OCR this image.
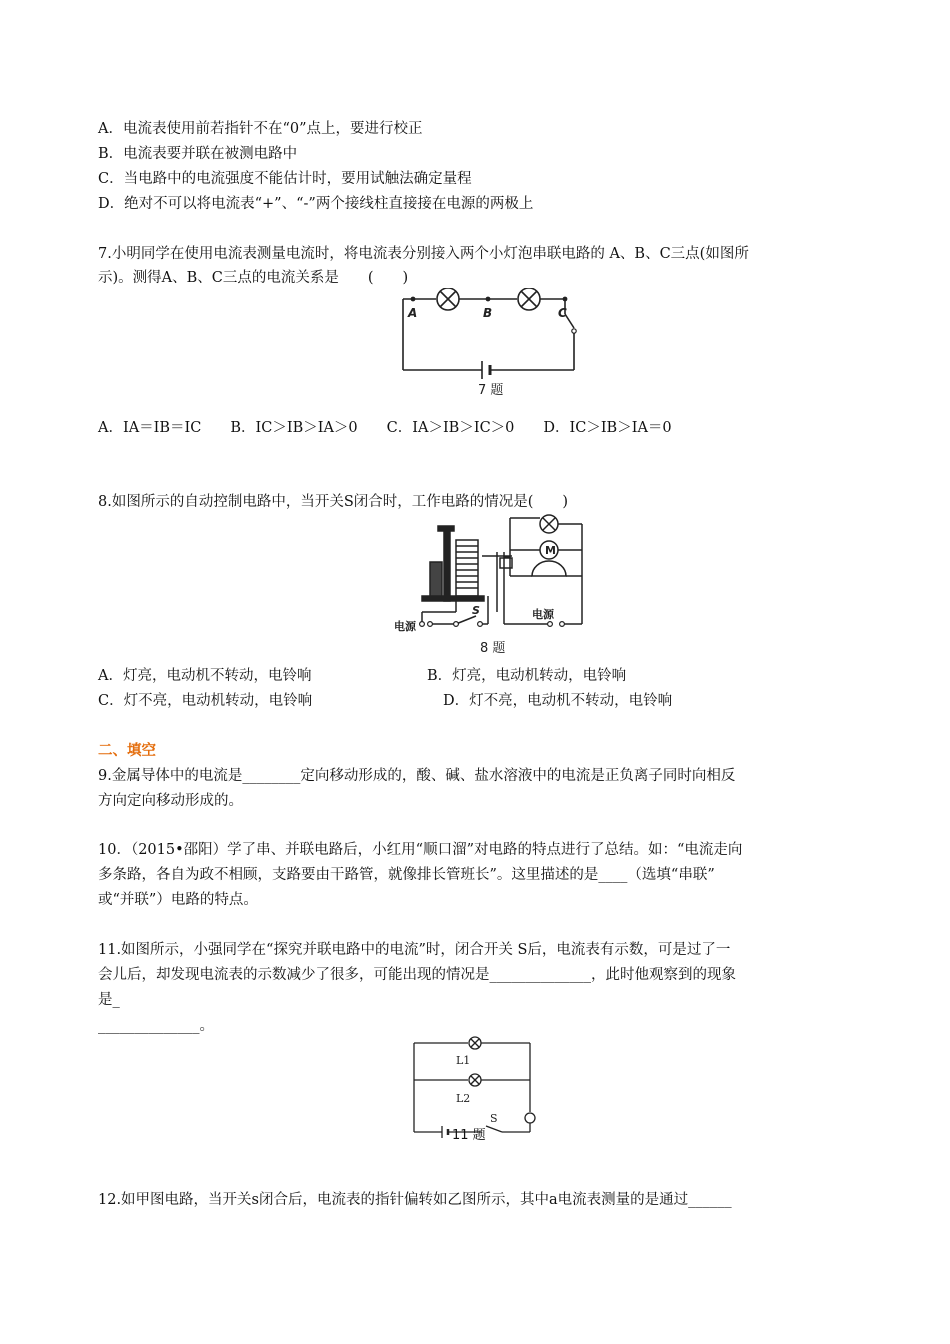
A．电流表使用前若指针不在“0”点上，要进行校正
B．电流表要并联在被测电路中
C．当电路中的电流强度不能估计时，要用试触法确定量程
D．绝对不可以将电流表“+”、“-”两个接线柱直接接在电源的两极上
7.小明同学在使用电流表测量电流时，将电流表分别接入两个小灯泡串联电路的 A、B、C三点(如图所
示)。测得A、B、C三点的电流关系是　　(　　)
A	B	C
7 题
A．IA＝IB＝IC　　B．IC＞IB＞IA＞0　　C．IA＞IB＞IC＞0　　D．IC＞IB＞IA＝0
8.如图所示的自动控制电路中，当开关S闭合时，工作电路的情况是(　　)
M
电源
S	电源
8 题
A．灯亮，电动机不转动，电铃响	B．灯亮，电动机转动，电铃响
C．灯不亮，电动机转动，电铃响	D．灯不亮，电动机不转动，电铃响
二、填空
9.金属导体中的电流是________定向移动形成的，酸、碱、盐水溶液中的电流是正负离子同时向相反
方向定向移动形成的。
10．（2015•邵阳）学了串、并联电路后，小红用“顺口溜”对电路的特点进行了总结。如：“电流走向
多条路，各自为政不相顾，支路要由干路管，就像排长管班长”。这里描述的是____（选填“串联”
或“并联”）电路的特点。
11.如图所示，小强同学在“探究并联电路中的电流”时，闭合开关 S后，电流表有示数，可是过了一
会儿后，却发现电流表的示数减少了很多，可能出现的情况是______________，此时他观察到的现象
是_
______________。
L1
L2
S
11 题
12.如甲图电路，当开关s闭合后，电流表的指针偏转如乙图所示，其中a电流表测量的是通过______
